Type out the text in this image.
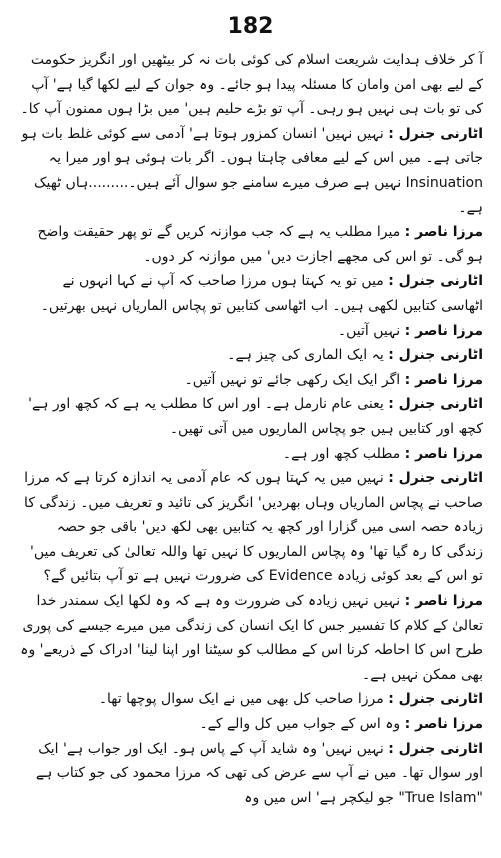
182

آ کر خلاف ہدایت شریعت اسلام کی کوئی بات نہ کر بیٹھیں اور انگریز حکومت کے لیے بھی امن وامان کا مسئلہ پیدا ہو جائے۔ وہ جوان کے لیے لکھا گیا ہے' آپ کی تو بات ہی نہیں ہو رہی۔ آپ تو بڑے حلیم ہیں' میں بڑا ہوں ممنون آپ کا۔

اٹارنی جنرل : نہیں نہیں' انسان کمزور ہوتا ہے' آدمی سے کوئی غلط بات ہو جاتی ہے۔ میں اس کے لیے معافی چاہتا ہوں۔ اگر بات ہوئی ہو اور میرا یہ Insinuation نہیں ہے صرف میرے سامنے جو سوال آئے ہیں۔.........ہاں ٹھیک ہے۔

مرزا ناصر : میرا مطلب یہ ہے کہ جب موازنہ کریں گے تو پھر حقیقت واضح ہو گی۔ تو اس کی مجھے اجازت دیں' میں موازنہ کر دوں۔

اٹارنی جنرل : میں تو یہ کہتا ہوں مرزا صاحب کہ آپ نے کہا انہوں نے اٹھاسی کتابیں لکھی ہیں۔ اب اٹھاسی کتابیں تو پچاس الماریاں نہیں بھرتیں۔

مرزا ناصر : نہیں آتیں۔

اٹارنی جنرل : یہ ایک الماری کی چیز ہے۔

مرزا ناصر : اگر ایک ایک رکھی جائے تو نہیں آتیں۔

اٹارنی جنرل : یعنی عام نارمل ہے۔ اور اس کا مطلب یہ ہے کہ کچھ اور ہے' کچھ اور کتابیں ہیں جو پچاس الماریوں میں آتی تھیں۔

مرزا ناصر : مطلب کچھ اور ہے۔

اٹارنی جنرل : نہیں میں یہ کہتا ہوں کہ عام آدمی یہ اندازہ کرتا ہے کہ مرزا صاحب نے پچاس الماریاں وہاں بھردیں' انگریز کی تائید و تعریف میں۔ زندگی کا زیادہ حصہ اسی میں گزارا اور کچھ یہ کتابیں بھی لکھ دیں' باقی جو حصہ زندگی کا رہ گیا تھا' وہ پچاس الماریوں کا نہیں تھا واللہ تعالیٰ کی تعریف میں' تو اس کے بعد کوئی زیادہ Evidence کی ضرورت نہیں ہے تو آپ بتائیں گے؟

مرزا ناصر : نہیں نہیں زیادہ کی ضرورت وہ ہے کہ وہ لکھا ایک سمندر خدا تعالیٰ کے کلام کا تفسیر جس کا ایک انسان کی زندگی میں میرے جیسے کی پوری طرح اس کا احاطہ کرنا اس کے مطالب کو سیٹنا اور اپنا لینا' ادراک کے ذریعے' وہ بھی ممکن نہیں ہے۔

اٹارنی جنرل : مرزا صاحب کل بھی میں نے ایک سوال پوچھا تھا۔

مرزا ناصر : وہ اس کے جواب میں کل والے کے۔

اٹارنی جنرل : نہیں نہیں' وہ شاید آپ کے پاس ہو۔ ایک اور جواب ہے' ایک اور سوال تھا۔ میں نے آپ سے عرض کی تھی کہ مرزا محمود کی جو کتاب ہے "True Islam" جو لیکچر ہے' اس میں وہ
